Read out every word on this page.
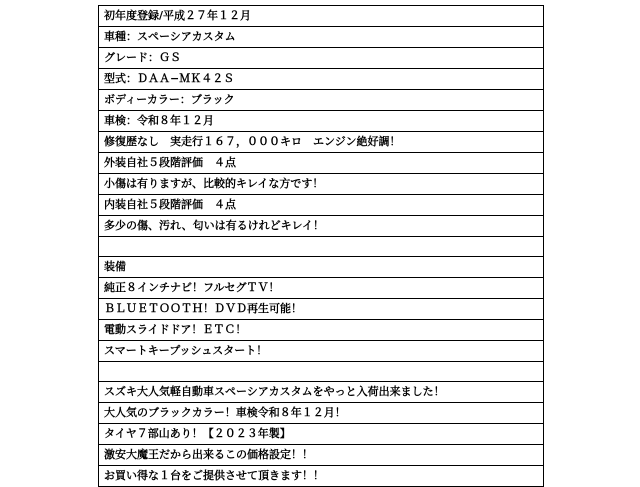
初年度登録/平成２７年１２月
車種：スペーシアカスタム
グレード：ＧＳ
型式：ＤＡＡ−ＭＫ４２Ｓ
ボディーカラー：ブラック
車検：令和８年１２月
修復歴なし　実走行１６７，０００キロ　エンジン絶好調！
外装自社５段階評価　４点
小傷は有りますが、比較的キレイな方です！
内装自社５段階評価　４点
多少の傷、汚れ、匂いは有るけれどキレイ！

装備
純正８インチナビ！フルセグＴＶ！
ＢＬＵＥＴＯＯＴＨ！ＤＶＤ再生可能！
電動スライドドア！ＥＴＣ！
スマートキープッシュスタート！

スズキ大人気軽自動車スペーシアカスタムをやっと入荷出来ました！
大人気のブラックカラー！車検令和８年１２月！
タイヤ７部山あり！【２０２３年製】
激安大魔王だから出来るこの価格設定！！
お買い得な１台をご提供させて頂きます！！
